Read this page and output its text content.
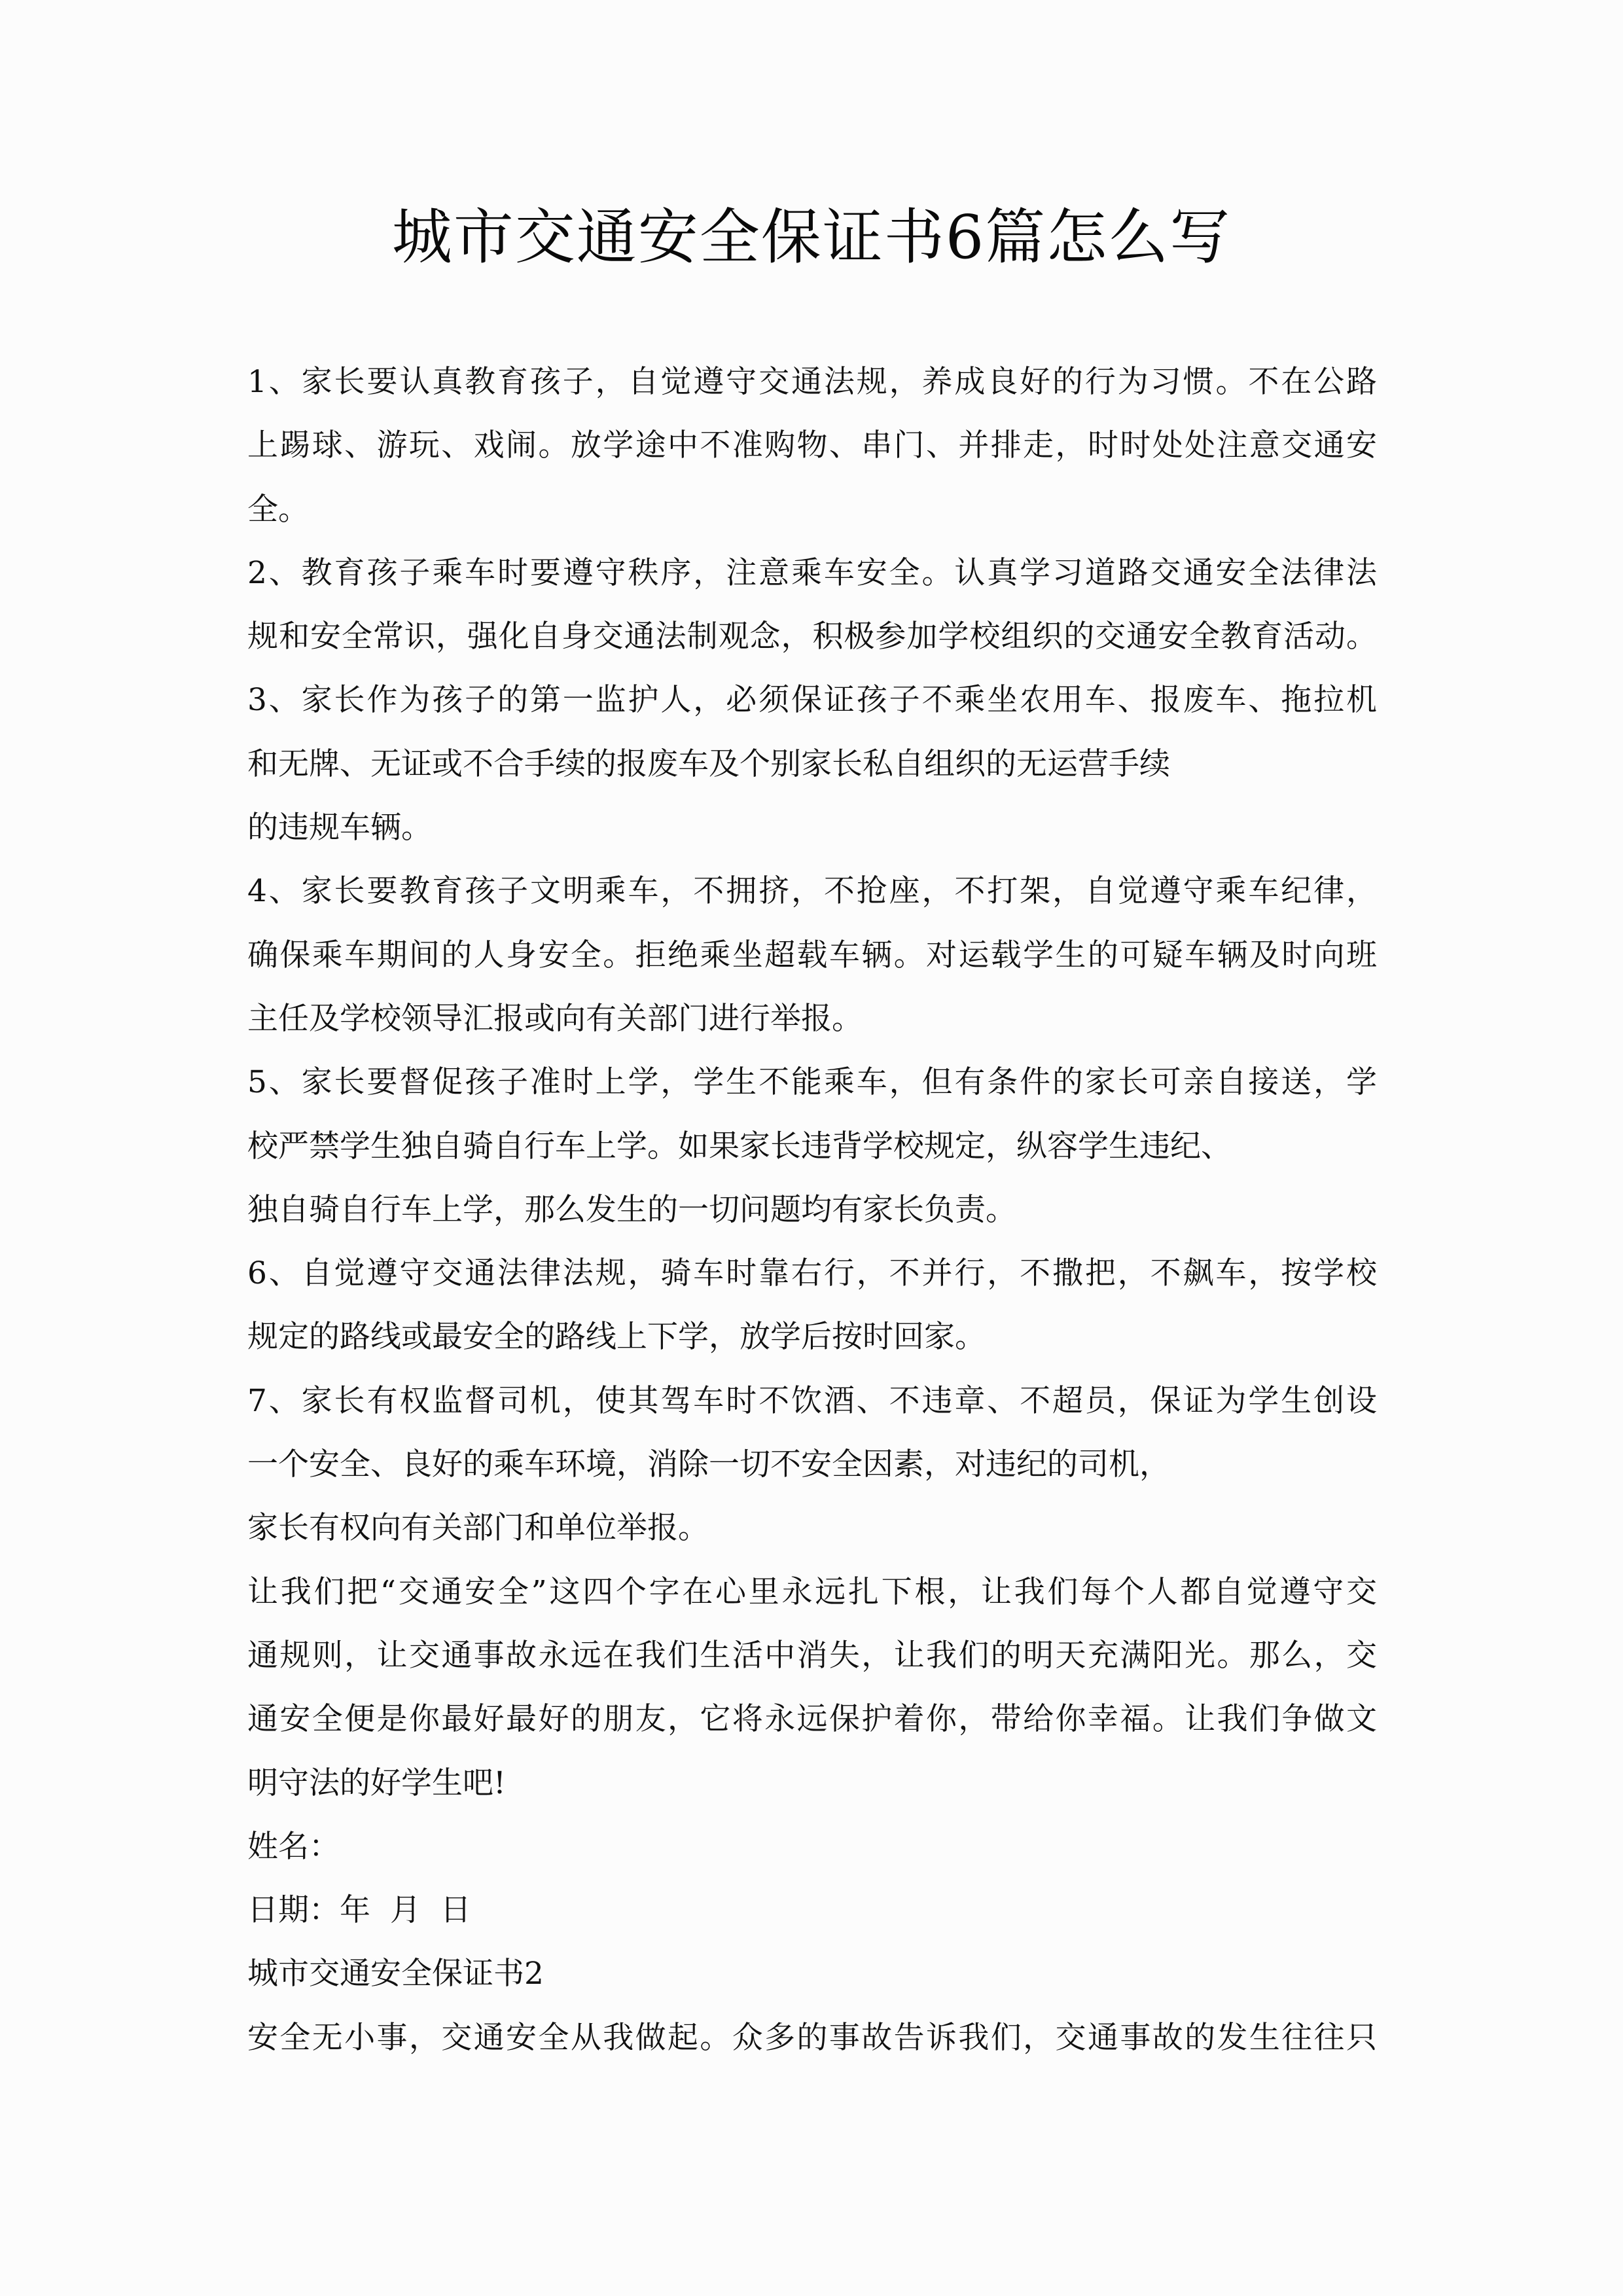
城市交通安全保证书6篇怎么写

1、家长要认真教育孩子，自觉遵守交通法规，养成良好的行为习惯。不在公路
上踢球、游玩、戏闹。放学途中不准购物、串门、并排走，时时处处注意交通安
全。

2、教育孩子乘车时要遵守秩序，注意乘车安全。认真学习道路交通安全法律法
规和安全常识，强化自身交通法制观念，积极参加学校组织的交通安全教育活动。

3、家长作为孩子的第一监护人，必须保证孩子不乘坐农用车、报废车、拖拉机
和无牌、无证或不合手续的报废车及个别家长私自组织的无运营手续
的违规车辆。

4、家长要教育孩子文明乘车，不拥挤，不抢座，不打架，自觉遵守乘车纪律，
确保乘车期间的人身安全。拒绝乘坐超载车辆。对运载学生的可疑车辆及时向班
主任及学校领导汇报或向有关部门进行举报。

5、家长要督促孩子准时上学，学生不能乘车，但有条件的家长可亲自接送，学
校严禁学生独自骑自行车上学。如果家长违背学校规定，纵容学生违纪、
独自骑自行车上学，那么发生的一切问题均有家长负责。

6、自觉遵守交通法律法规，骑车时靠右行，不并行，不撒把，不飙车，按学校
规定的路线或最安全的路线上下学，放学后按时回家。

7、家长有权监督司机，使其驾车时不饮酒、不违章、不超员，保证为学生创设
一个安全、良好的乘车环境，消除一切不安全因素，对违纪的司机，
家长有权向有关部门和单位举报。

让我们把“交通安全”这四个字在心里永远扎下根，让我们每个人都自觉遵守交
通规则，让交通事故永远在我们生活中消失，让我们的明天充满阳光。那么，交
通安全便是你最好最好的朋友，它将永远保护着你，带给你幸福。让我们争做文
明守法的好学生吧!

姓名：

日期：年  月  日

城市交通安全保证书2

安全无小事，交通安全从我做起。众多的事故告诉我们，交通事故的发生往往只
